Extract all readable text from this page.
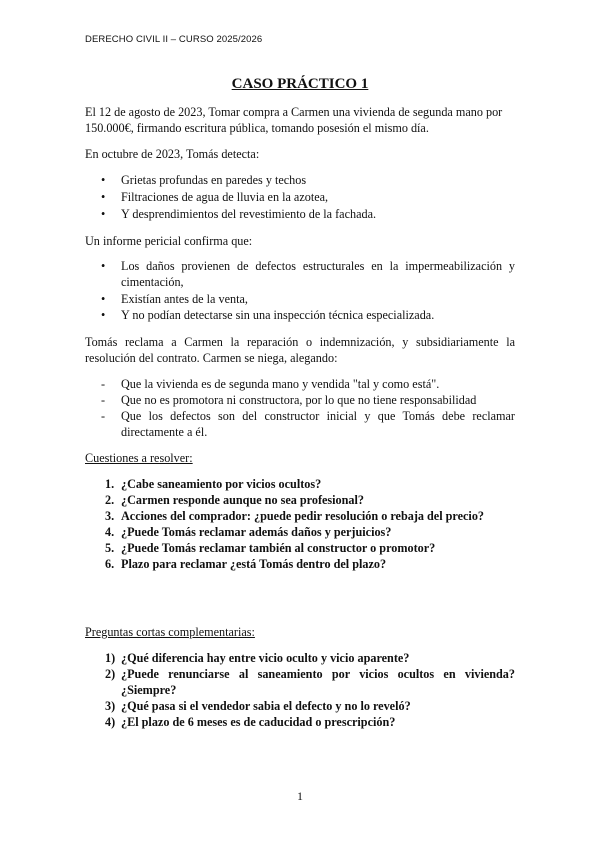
DERECHO CIVIL II – CURSO 2025/2026
CASO PRÁCTICO 1
El 12 de agosto de 2023, Tomar compra a Carmen una vivienda de segunda mano por
150.000€, firmando escritura pública, tomando posesión el mismo día.
En octubre de 2023, Tomás detecta:
• Grietas profundas en paredes y techos
• Filtraciones de agua de lluvia en la azotea,
• Y desprendimientos del revestimiento de la fachada.
Un informe pericial confirma que:
• Los daños provienen de defectos estructurales en la impermeabilización y cimentación,
• Existían antes de la venta,
• Y no podían detectarse sin una inspección técnica especializada.
Tomás reclama a Carmen la reparación o indemnización, y subsidiariamente la resolución del contrato. Carmen se niega, alegando:
- Que la vivienda es de segunda mano y vendida "tal y como está".
- Que no es promotora ni constructora, por lo que no tiene responsabilidad
- Que los defectos son del constructor inicial y que Tomás debe reclamar directamente a él.
Cuestiones a resolver:
1. ¿Cabe saneamiento por vicios ocultos?
2. ¿Carmen responde aunque no sea profesional?
3. Acciones del comprador: ¿puede pedir resolución o rebaja del precio?
4. ¿Puede Tomás reclamar además daños y perjuicios?
5. ¿Puede Tomás reclamar también al constructor o promotor?
6. Plazo para reclamar ¿está Tomás dentro del plazo?
Preguntas cortas complementarias:
1) ¿Qué diferencia hay entre vicio oculto y vicio aparente?
2) ¿Puede renunciarse al saneamiento por vicios ocultos en vivienda? ¿Siempre?
3) ¿Qué pasa si el vendedor sabia el defecto y no lo reveló?
4) ¿El plazo de 6 meses es de caducidad o prescripción?
1
